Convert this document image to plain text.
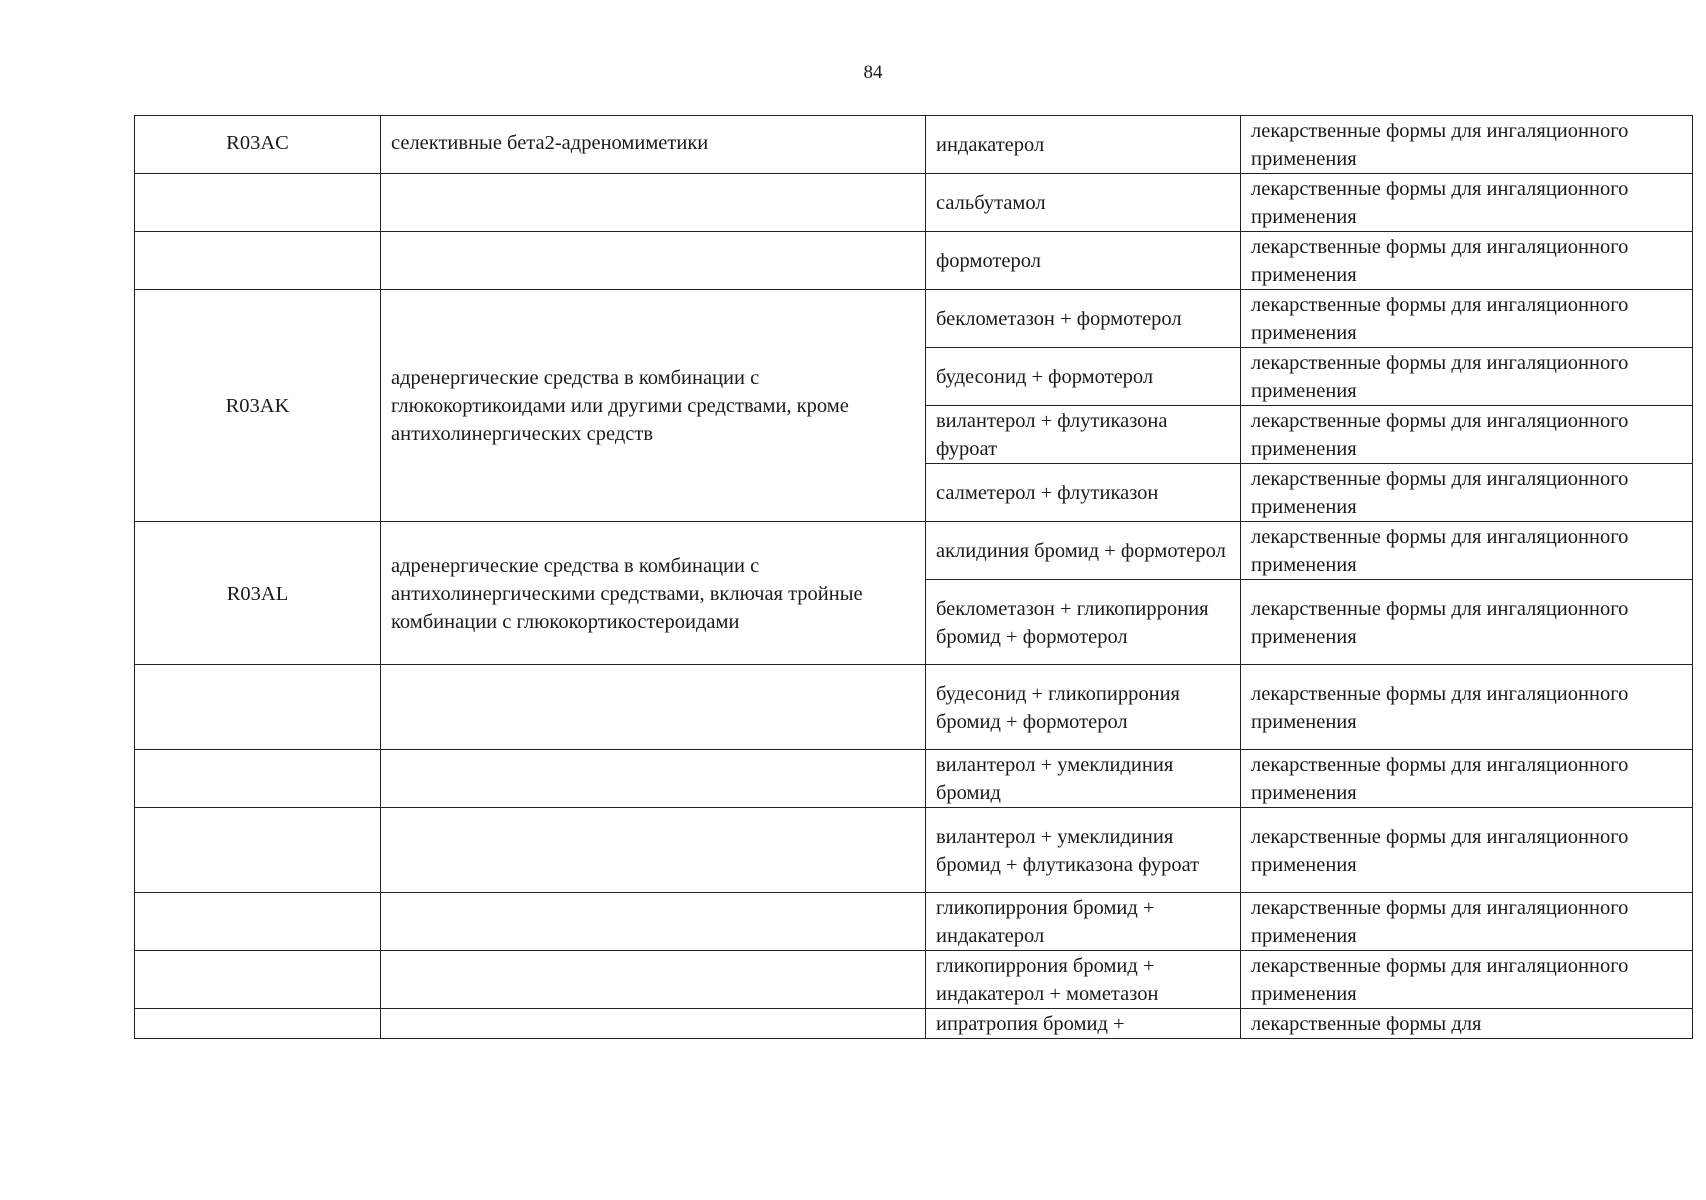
84
R03AC	селективные бета2-адреномиметики	индакатерол	лекарственные формы для ингаляционного применения
		сальбутамол	лекарственные формы для ингаляционного применения
		формотерол	лекарственные формы для ингаляционного применения
R03AK	адренергические средства в комбинации с глюкокортикоидами или другими средствами, кроме антихолинергических средств	беклометазон + формотерол	лекарственные формы для ингаляционного применения
		будесонид + формотерол	лекарственные формы для ингаляционного применения
		вилантерол + флутиказона фуроат	лекарственные формы для ингаляционного применения
		салметерол + флутиказон	лекарственные формы для ингаляционного применения
R03AL	адренергические средства в комбинации с антихолинергическими средствами, включая тройные комбинации с глюкокортикостероидами	аклидиния бромид + формотерол	лекарственные формы для ингаляционного применения
		беклометазон + гликопиррония бромид + формотерол	лекарственные формы для ингаляционного применения
		будесонид + гликопиррония бромид + формотерол	лекарственные формы для ингаляционного применения
		вилантерол + умеклидиния бромид	лекарственные формы для ингаляционного применения
		вилантерол + умеклидиния бромид + флутиказона фуроат	лекарственные формы для ингаляционного применения
		гликопиррония бромид + индакатерол	лекарственные формы для ингаляционного применения
		гликопиррония бромид + индакатерол + мометазон	лекарственные формы для ингаляционного применения
		ипратропия бромид +	лекарственные формы для
